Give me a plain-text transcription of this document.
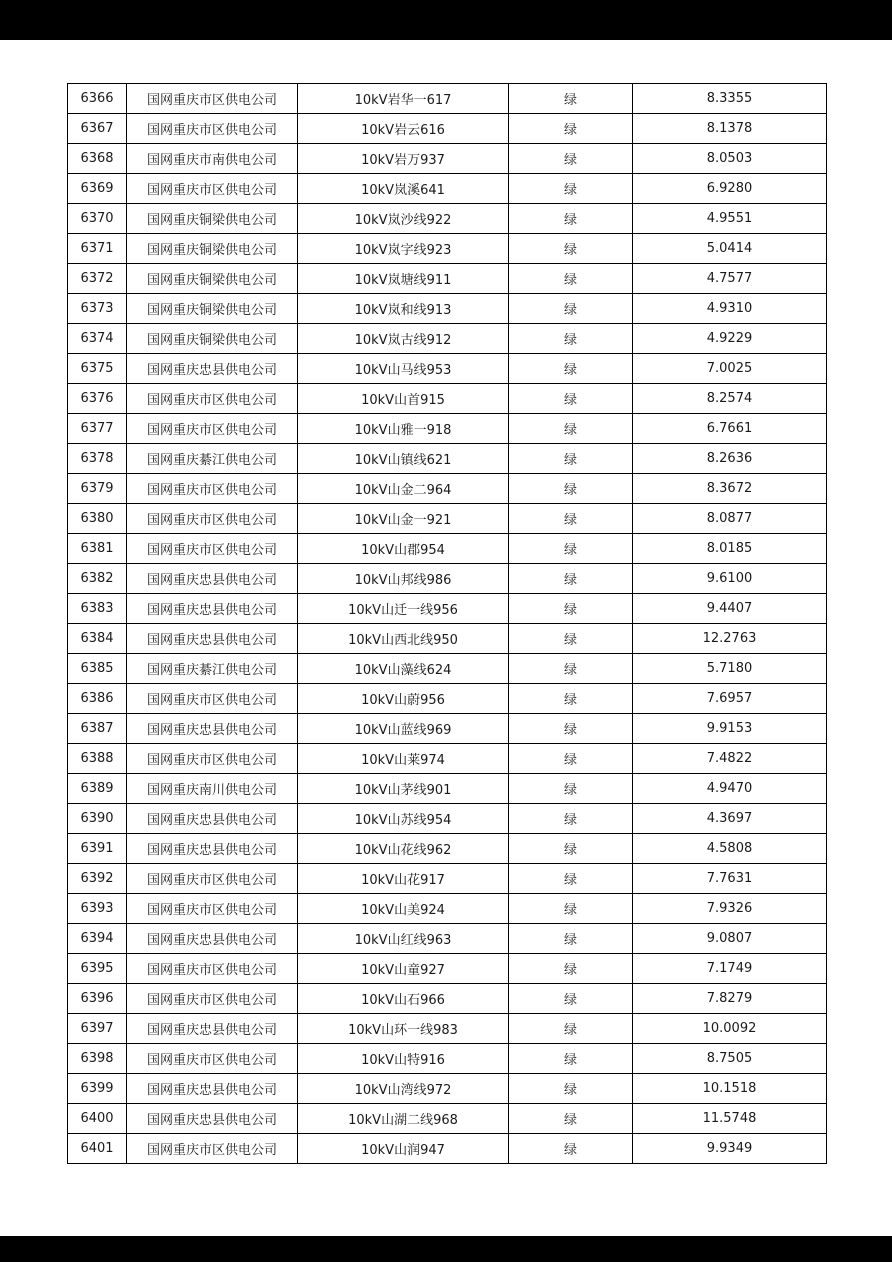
6366	国网重庆市区供电公司	10kV岩华一617	绿	8.3355
6367	国网重庆市区供电公司	10kV岩云616	绿	8.1378
6368	国网重庆市南供电公司	10kV岩万937	绿	8.0503
6369	国网重庆市区供电公司	10kV岚溪641	绿	6.9280
6370	国网重庆铜梁供电公司	10kV岚沙线922	绿	4.9551
6371	国网重庆铜梁供电公司	10kV岚字线923	绿	5.0414
6372	国网重庆铜梁供电公司	10kV岚塘线911	绿	4.7577
6373	国网重庆铜梁供电公司	10kV岚和线913	绿	4.9310
6374	国网重庆铜梁供电公司	10kV岚古线912	绿	4.9229
6375	国网重庆忠县供电公司	10kV山马线953	绿	7.0025
6376	国网重庆市区供电公司	10kV山首915	绿	8.2574
6377	国网重庆市区供电公司	10kV山雅一918	绿	6.7661
6378	国网重庆綦江供电公司	10kV山镇线621	绿	8.2636
6379	国网重庆市区供电公司	10kV山金二964	绿	8.3672
6380	国网重庆市区供电公司	10kV山金一921	绿	8.0877
6381	国网重庆市区供电公司	10kV山郡954	绿	8.0185
6382	国网重庆忠县供电公司	10kV山邦线986	绿	9.6100
6383	国网重庆忠县供电公司	10kV山迁一线956	绿	9.4407
6384	国网重庆忠县供电公司	10kV山西北线950	绿	12.2763
6385	国网重庆綦江供电公司	10kV山藻线624	绿	5.7180
6386	国网重庆市区供电公司	10kV山蔚956	绿	7.6957
6387	国网重庆忠县供电公司	10kV山蓝线969	绿	9.9153
6388	国网重庆市区供电公司	10kV山莱974	绿	7.4822
6389	国网重庆南川供电公司	10kV山茅线901	绿	4.9470
6390	国网重庆忠县供电公司	10kV山苏线954	绿	4.3697
6391	国网重庆忠县供电公司	10kV山花线962	绿	4.5808
6392	国网重庆市区供电公司	10kV山花917	绿	7.7631
6393	国网重庆市区供电公司	10kV山美924	绿	7.9326
6394	国网重庆忠县供电公司	10kV山红线963	绿	9.0807
6395	国网重庆市区供电公司	10kV山童927	绿	7.1749
6396	国网重庆市区供电公司	10kV山石966	绿	7.8279
6397	国网重庆忠县供电公司	10kV山环一线983	绿	10.0092
6398	国网重庆市区供电公司	10kV山特916	绿	8.7505
6399	国网重庆忠县供电公司	10kV山湾线972	绿	10.1518
6400	国网重庆忠县供电公司	10kV山湖二线968	绿	11.5748
6401	国网重庆市区供电公司	10kV山润947	绿	9.9349
